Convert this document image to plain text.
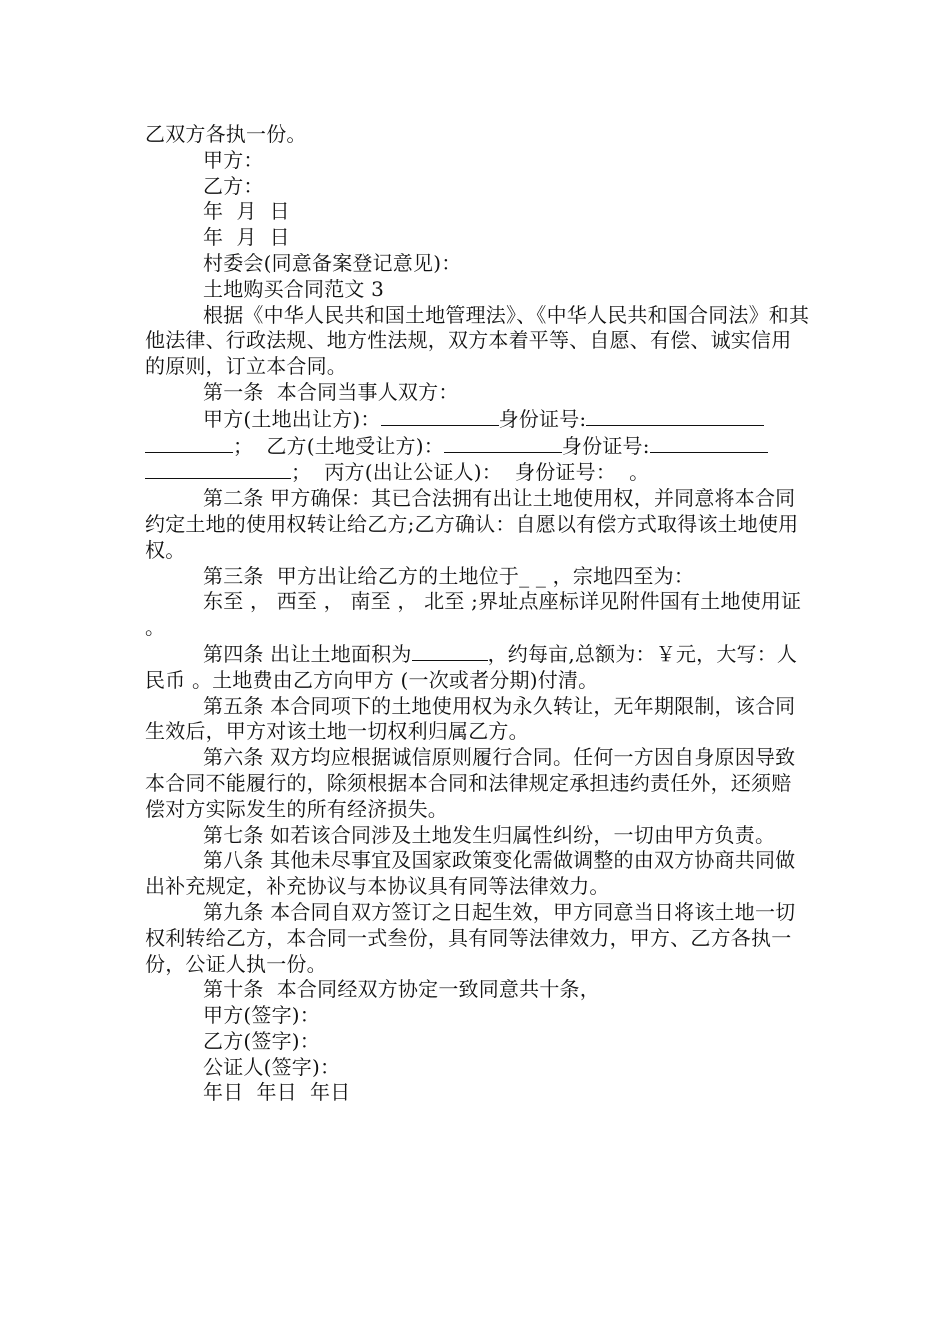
乙双方各执一份。
甲方：
乙方：
年  月  日
年  月  日
村委会(同意备案登记意见)：
土地购买合同范文 3

根据《中华人民共和国土地管理法》、《中华人民共和国合同法》和其他法律、行政法规、地方性法规，双方本着平等、自愿、有偿、诚实信用的原则，订立本合同。

第一条  本合同当事人双方：
甲方(土地出让方)：	身份证号:
；  乙方(土地受让方)：	身份证号:
；  丙方(出让公证人)：  身份证号：  。

第二条 甲方确保：其已合法拥有出让土地使用权，并同意将本合同约定土地的使用权转让给乙方;乙方确认：自愿以有偿方式取得该土地使用权。

第三条  甲方出让给乙方的土地位于_ _ ，宗地四至为：

东至 ， 西至 ， 南至 ， 北至 ;界址点座标详见附件国有土地使用证。

第四条 出让土地面积为	，约每亩,总额为：￥元，大写：人民币 。土地费由乙方向甲方 (一次或者分期)付清。

第五条 本合同项下的土地使用权为永久转让，无年期限制，该合同 生效后，甲方对该土地一切权利归属乙方。

第六条 双方均应根据诚信原则履行合同。任何一方因自身原因导致本合同不能履行的，除须根据本合同和法律规定承担违约责任外，还须赔偿对方实际发生的所有经济损失。

第七条 如若该合同涉及土地发生归属性纠纷，一切由甲方负责。

第八条 其他未尽事宜及国家政策变化需做调整的由双方协商共同做出补充规定，补充协议与本协议具有同等法律效力。

第九条 本合同自双方签订之日起生效，甲方同意当日将该土地一切权利转给乙方，本合同一式叁份，具有同等法律效力，甲方、乙方各执一份，公证人执一份。

第十条  本合同经双方协定一致同意共十条，
甲方(签字)：
乙方(签字)：
公证人(签字)：
年日  年日  年日
